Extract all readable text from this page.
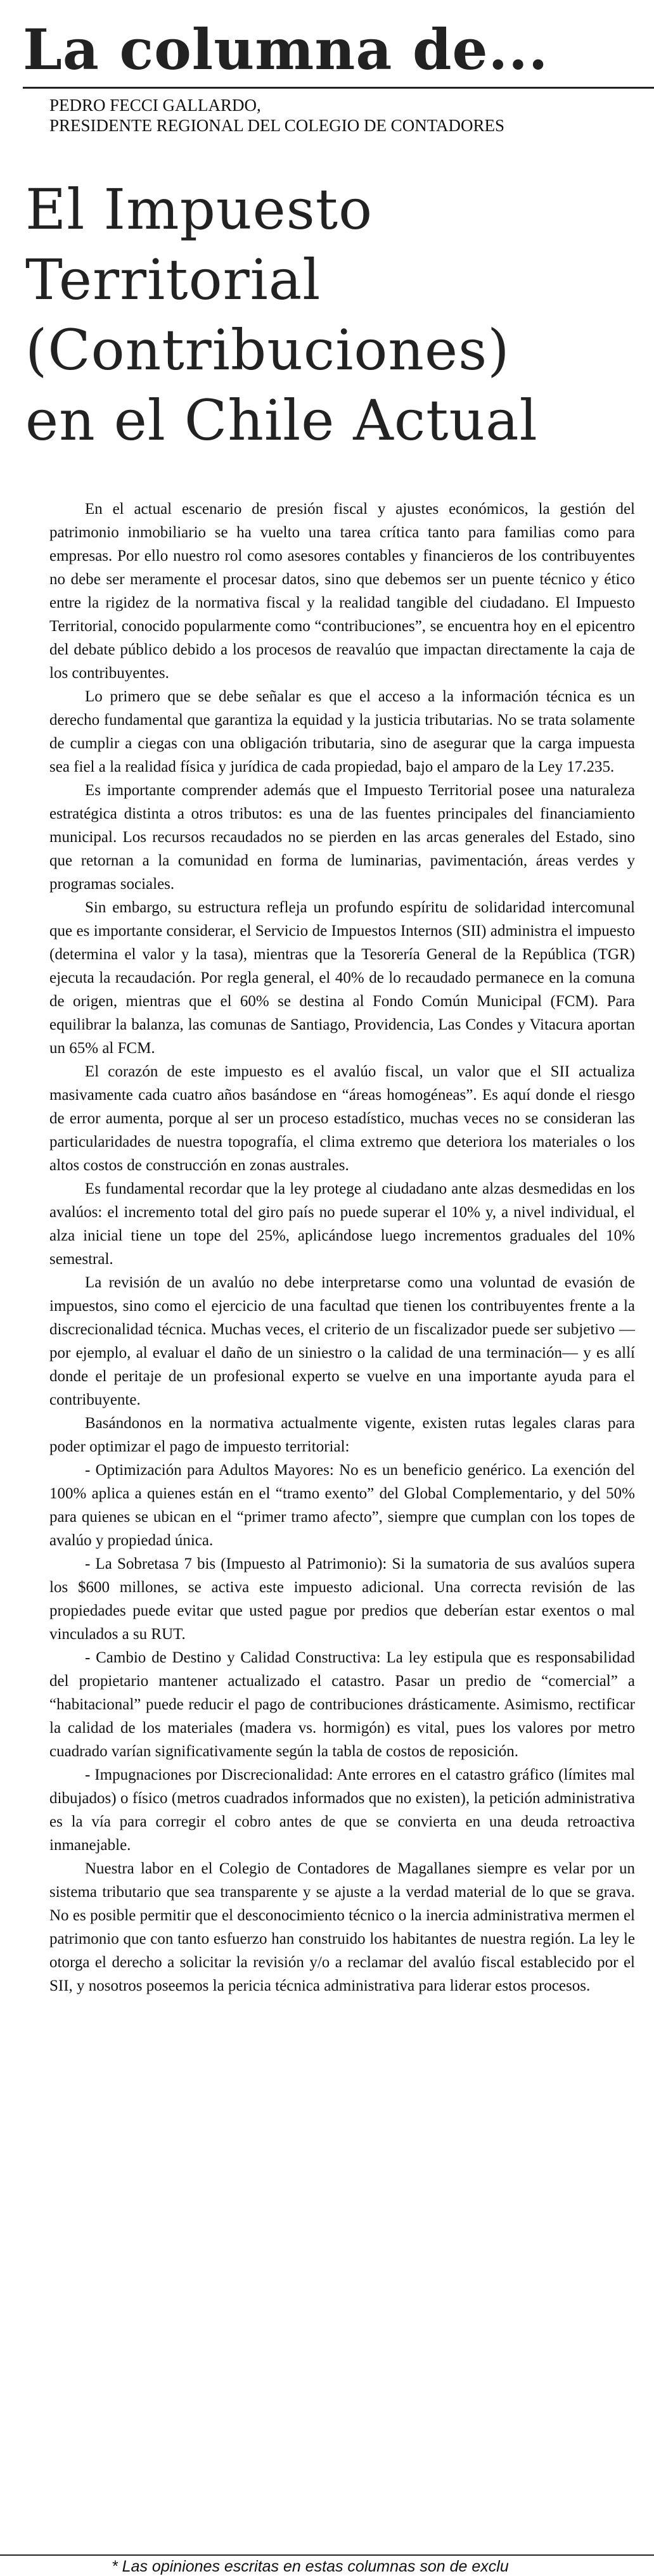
La columna de...
PEDRO FECCI GALLARDO,
PRESIDENTE REGIONAL DEL COLEGIO DE CONTADORES
El Impuesto
Territorial
(Contribuciones)
en el Chile Actual

En el actual escenario de presión fiscal y ajustes económicos, la gestión del patrimonio inmobiliario se ha vuelto una tarea crítica tanto para familias como para empresas. Por ello nuestro rol como asesores contables y financieros de los contribuyentes no debe ser meramente el procesar datos, sino que debemos ser un puente técnico y ético entre la rigidez de la normativa fiscal y la realidad tangible del ciudadano. El Impuesto Territorial, conocido popularmente como “contribuciones”, se encuentra hoy en el epicentro del debate público debido a los procesos de reavalúo que impactan directamente la caja de los contribuyentes.

Lo primero que se debe señalar es que el acceso a la información técnica es un derecho fundamental que garantiza la equidad y la justicia tributarias. No se trata solamente de cumplir a ciegas con una obligación tributaria, sino de asegurar que la carga impuesta sea fiel a la realidad física y jurídica de cada propiedad, bajo el amparo de la Ley 17.235.

Es importante comprender además que el Impuesto Territorial posee una naturaleza estratégica distinta a otros tributos: es una de las fuentes principales del financiamiento municipal. Los recursos recaudados no se pierden en las arcas generales del Estado, sino que retornan a la comunidad en forma de luminarias, pavimentación, áreas verdes y programas sociales.

Sin embargo, su estructura refleja un profundo espíritu de solidaridad intercomunal que es importante considerar, el Servicio de Impuestos Internos (SII) administra el impuesto (determina el valor y la tasa), mientras que la Tesorería General de la República (TGR) ejecuta la recaudación. Por regla general, el 40% de lo recaudado permanece en la comuna de origen, mientras que el 60% se destina al Fondo Común Municipal (FCM). Para equilibrar la balanza, las comunas de Santiago, Providencia, Las Condes y Vitacura aportan un 65% al FCM.

El corazón de este impuesto es el avalúo fiscal, un valor que el SII actualiza masivamente cada cuatro años basándose en “áreas homogéneas”. Es aquí donde el riesgo de error aumenta, porque al ser un proceso estadístico, muchas veces no se consideran las particularidades de nuestra topografía, el clima extremo que deteriora los materiales o los altos costos de construcción en zonas australes.

Es fundamental recordar que la ley protege al ciudadano ante alzas desmedidas en los avalúos: el incremento total del giro país no puede superar el 10% y, a nivel individual, el alza inicial tiene un tope del 25%, aplicándose luego incrementos graduales del 10% semestral.

La revisión de un avalúo no debe interpretarse como una voluntad de evasión de impuestos, sino como el ejercicio de una facultad que tienen los contribuyentes frente a la discrecionalidad técnica. Muchas veces, el criterio de un fiscalizador puede ser subjetivo —por ejemplo, al evaluar el daño de un siniestro o la calidad de una terminación— y es allí donde el peritaje de un profesional experto se vuelve en una importante ayuda para el contribuyente.

Basándonos en la normativa actualmente vigente, existen rutas legales claras para poder optimizar el pago de impuesto territorial:

- Optimización para Adultos Mayores: No es un beneficio genérico. La exención del 100% aplica a quienes están en el “tramo exento” del Global Complementario, y del 50% para quienes se ubican en el “primer tramo afecto”, siempre que cumplan con los topes de avalúo y propiedad única.

- La Sobretasa 7 bis (Impuesto al Patrimonio): Si la sumatoria de sus avalúos supera los $600 millones, se activa este impuesto adicional. Una correcta revisión de las propiedades puede evitar que usted pague por predios que deberían estar exentos o mal vinculados a su RUT.

- Cambio de Destino y Calidad Constructiva: La ley estipula que es responsabilidad del propietario mantener actualizado el catastro. Pasar un predio de “comercial” a “habitacional” puede reducir el pago de contribuciones drásticamente. Asimismo, rectificar la calidad de los materiales (madera vs. hormigón) es vital, pues los valores por metro cuadrado varían significativamente según la tabla de costos de reposición.

- Impugnaciones por Discrecionalidad: Ante errores en el catastro gráfico (límites mal dibujados) o físico (metros cuadrados informados que no existen), la petición administrativa es la vía para corregir el cobro antes de que se convierta en una deuda retroactiva inmanejable.

Nuestra labor en el Colegio de Contadores de Magallanes siempre es velar por un sistema tributario que sea transparente y se ajuste a la verdad material de lo que se grava. No es posible permitir que el desconocimiento técnico o la inercia administrativa mermen el patrimonio que con tanto esfuerzo han construido los habitantes de nuestra región. La ley le otorga el derecho a solicitar la revisión y/o a reclamar del avalúo fiscal establecido por el SII, y nosotros poseemos la pericia técnica administrativa para liderar estos procesos.

* Las opiniones escritas en estas columnas son de exclu
